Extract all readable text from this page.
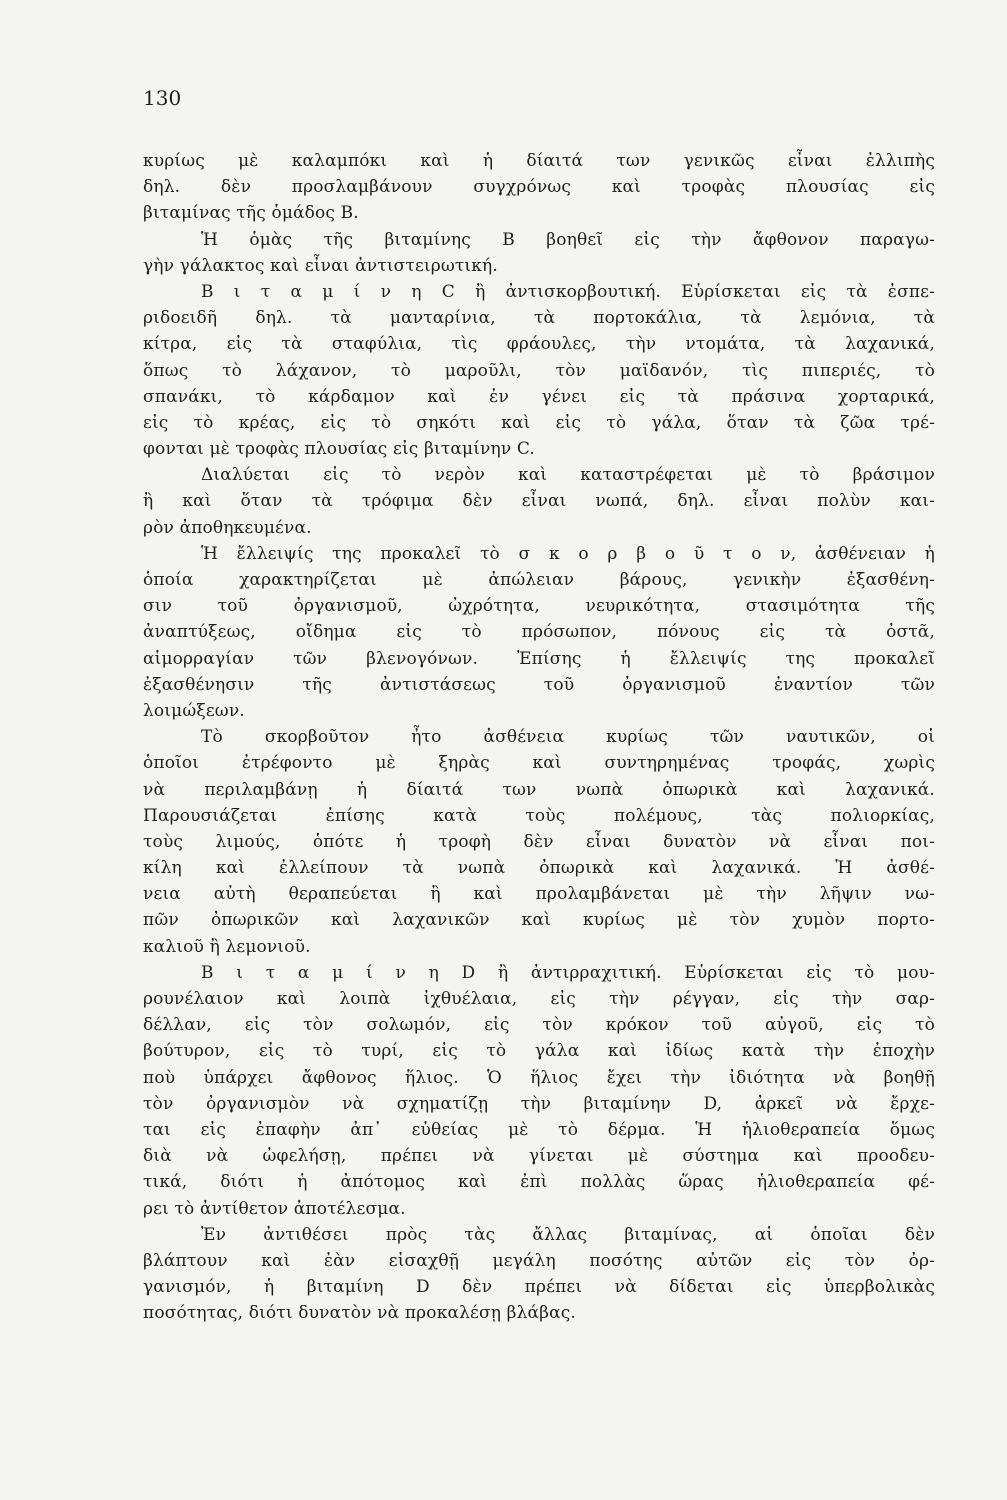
130
κυρίως μὲ καλαμπόκι καὶ ἡ δίαιτά των γενικῶς εἶναι ἐλλιπὴς
δηλ. δὲν προσλαμβάνουν συγχρόνως καὶ τροφὰς πλουσίας εἰς
βιταμίνας τῆς ὁμάδος B.
Ἡ ὁμὰς τῆς βιταμίνης B βοηθεῖ εἰς τὴν ἄφθονον παραγω-
γὴν γάλακτος καὶ εἶναι ἀντιστειρωτική.
Β ι τ α μ ί ν η C ἢ ἀντισκορβουτική. Εὑρίσκεται εἰς τὰ ἐσπε-
ριδοειδῆ δηλ. τὰ μανταρίνια, τὰ πορτοκάλια, τὰ λεμόνια, τὰ
κίτρα, εἰς τὰ σταφύλια, τὶς φράουλες, τὴν ντομάτα, τὰ λαχανικά,
ὅπως τὸ λάχανον, τὸ μαροῦλι, τὸν μαϊδανόν, τὶς πιπεριές, τὸ
σπανάκι, τὸ κάρδαμον καὶ ἐν γένει εἰς τὰ πράσινα χορταρικά,
εἰς τὸ κρέας, εἰς τὸ σηκότι καὶ εἰς τὸ γάλα, ὅταν τὰ ζῶα τρέ-
φονται μὲ τροφὰς πλουσίας εἰς βιταμίνην C.
Διαλύεται εἰς τὸ νερὸν καὶ καταστρέφεται μὲ τὸ βράσιμον
ἢ καὶ ὅταν τὰ τρόφιμα δὲν εἶναι νωπά, δηλ. εἶναι πολὺν και-
ρὸν ἀποθηκευμένα.
Ἡ ἔλλειψίς της προκαλεῖ τὸ σ κ ο ρ β ο ῦ τ ο ν, ἀσθένειαν ἡ
ὁποία χαρακτηρίζεται μὲ ἀπώλειαν βάρους, γενικὴν ἐξασθένη-
σιν τοῦ ὀργανισμοῦ, ὠχρότητα, νευρικότητα, στασιμότητα τῆς
ἀναπτύξεως, οἴδημα εἰς τὸ πρόσωπον, πόνους εἰς τὰ ὀστᾶ,
αἱμορραγίαν τῶν βλενογόνων. Ἐπίσης ἡ ἔλλειψίς της προκαλεῖ
ἐξασθένησιν τῆς ἀντιστάσεως τοῦ ὀργανισμοῦ ἐναντίον τῶν
λοιμώξεων.
Τὸ σκορβοῦτον ἦτο ἀσθένεια κυρίως τῶν ναυτικῶν, οἱ
ὁποῖοι ἐτρέφοντο μὲ ξηρὰς καὶ συντηρημένας τροφάς, χωρὶς
νὰ περιλαμβάνῃ ἡ δίαιτά των νωπὰ ὀπωρικὰ καὶ λαχανικά.
Παρουσιάζεται ἐπίσης κατὰ τοὺς πολέμους, τὰς πολιορκίας,
τοὺς λιμούς, ὁπότε ἡ τροφὴ δὲν εἶναι δυνατὸν νὰ εἶναι ποι-
κίλη καὶ ἐλλείπουν τὰ νωπὰ ὀπωρικὰ καὶ λαχανικά. Ἡ ἀσθέ-
νεια αὐτὴ θεραπεύεται ἢ καὶ προλαμβάνεται μὲ τὴν λῆψιν νω-
πῶν ὀπωρικῶν καὶ λαχανικῶν καὶ κυρίως μὲ τὸν χυμὸν πορτο-
καλιοῦ ἢ λεμονιοῦ.
Β ι τ α μ ί ν η D ἢ ἀντιρραχιτική. Εὑρίσκεται εἰς τὸ μου-
ρουνέλαιον καὶ λοιπὰ ἰχθυέλαια, εἰς τὴν ρέγγαν, εἰς τὴν σαρ-
δέλλαν, εἰς τὸν σολωμόν, εἰς τὸν κρόκον τοῦ αὐγοῦ, εἰς τὸ
βούτυρον, εἰς τὸ τυρί, εἰς τὸ γάλα καὶ ἰδίως κατὰ τὴν ἐποχὴν
ποὺ ὑπάρχει ἄφθονος ἥλιος. Ὁ ἥλιος ἔχει τὴν ἰδιότητα νὰ βοηθῇ
τὸν ὀργανισμὸν νὰ σχηματίζῃ τὴν βιταμίνην D, ἀρκεῖ νὰ ἔρχε-
ται εἰς ἐπαφὴν ἀπ᾽ εὐθείας μὲ τὸ δέρμα. Ἡ ἡλιοθεραπεία ὅμως
διὰ νὰ ὠφελήσῃ, πρέπει νὰ γίνεται μὲ σύστημα καὶ προοδευ-
τικά, διότι ἡ ἀπότομος καὶ ἐπὶ πολλὰς ὥρας ἡλιοθεραπεία φέ-
ρει τὸ ἀντίθετον ἀποτέλεσμα.
Ἐν ἀντιθέσει πρὸς τὰς ἄλλας βιταμίνας, αἱ ὁποῖαι δὲν
βλάπτουν καὶ ἐὰν εἰσαχθῇ μεγάλη ποσότης αὐτῶν εἰς τὸν ὀρ-
γανισμόν, ἡ βιταμίνη D δὲν πρέπει νὰ δίδεται εἰς ὑπερβολικὰς
ποσότητας, διότι δυνατὸν νὰ προκαλέσῃ βλάβας.
